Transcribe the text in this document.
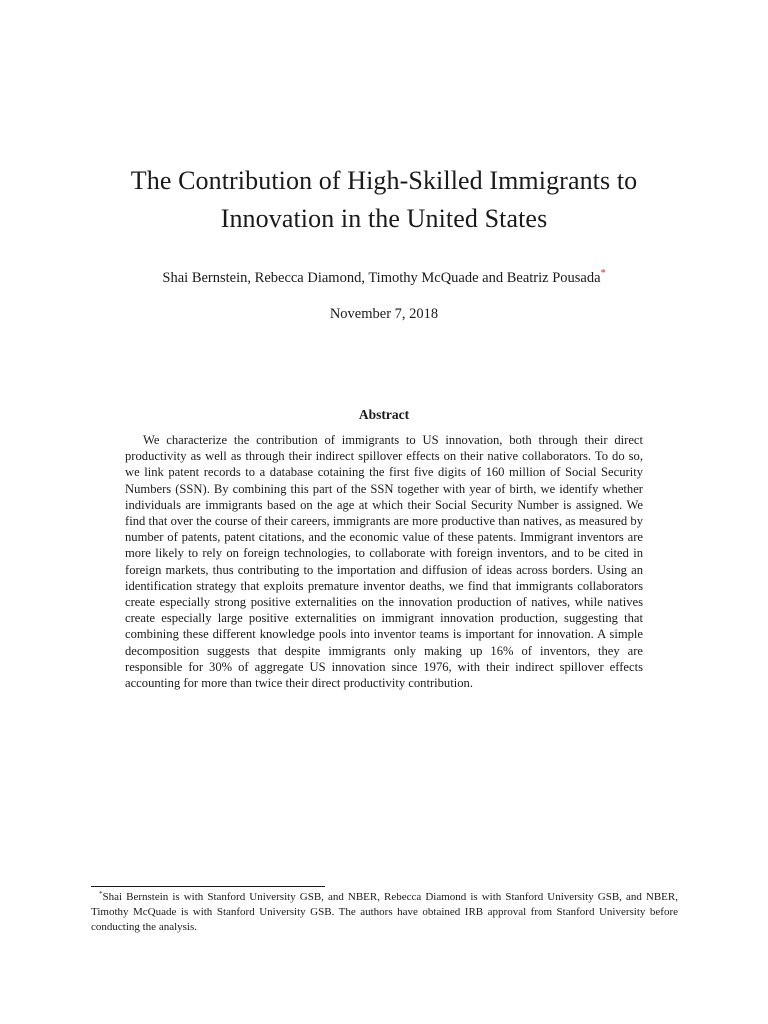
The Contribution of High-Skilled Immigrants to
Innovation in the United States
Shai Bernstein, Rebecca Diamond, Timothy McQuade and Beatriz Pousada*
November 7, 2018
Abstract

We characterize the contribution of immigrants to US innovation, both through their direct productivity as well as through their indirect spillover effects on their native collaborators. To do so, we link patent records to a database cotaining the first five digits of 160 million of Social Security Numbers (SSN). By combining this part of the SSN together with year of birth, we identify whether individuals are immigrants based on the age at which their Social Security Number is assigned. We find that over the course of their careers, immigrants are more productive than natives, as measured by number of patents, patent citations, and the economic value of these patents. Immigrant inventors are more likely to rely on foreign technologies, to collaborate with foreign inventors, and to be cited in foreign markets, thus contributing to the importation and diffusion of ideas across borders. Using an identification strategy that exploits premature inventor deaths, we find that immigrants collaborators create especially strong positive externalities on the innovation production of natives, while natives create especially large positive externalities on immigrant innovation production, suggesting that combining these different knowledge pools into inventor teams is important for innovation. A simple decomposition suggests that despite immigrants only making up 16% of inventors, they are responsible for 30% of aggregate US innovation since 1976, with their indirect spillover effects accounting for more than twice their direct productivity contribution.

*Shai Bernstein is with Stanford University GSB, and NBER, Rebecca Diamond is with Stanford University GSB, and NBER, Timothy McQuade is with Stanford University GSB. The authors have obtained IRB approval from Stanford University before conducting the analysis.
